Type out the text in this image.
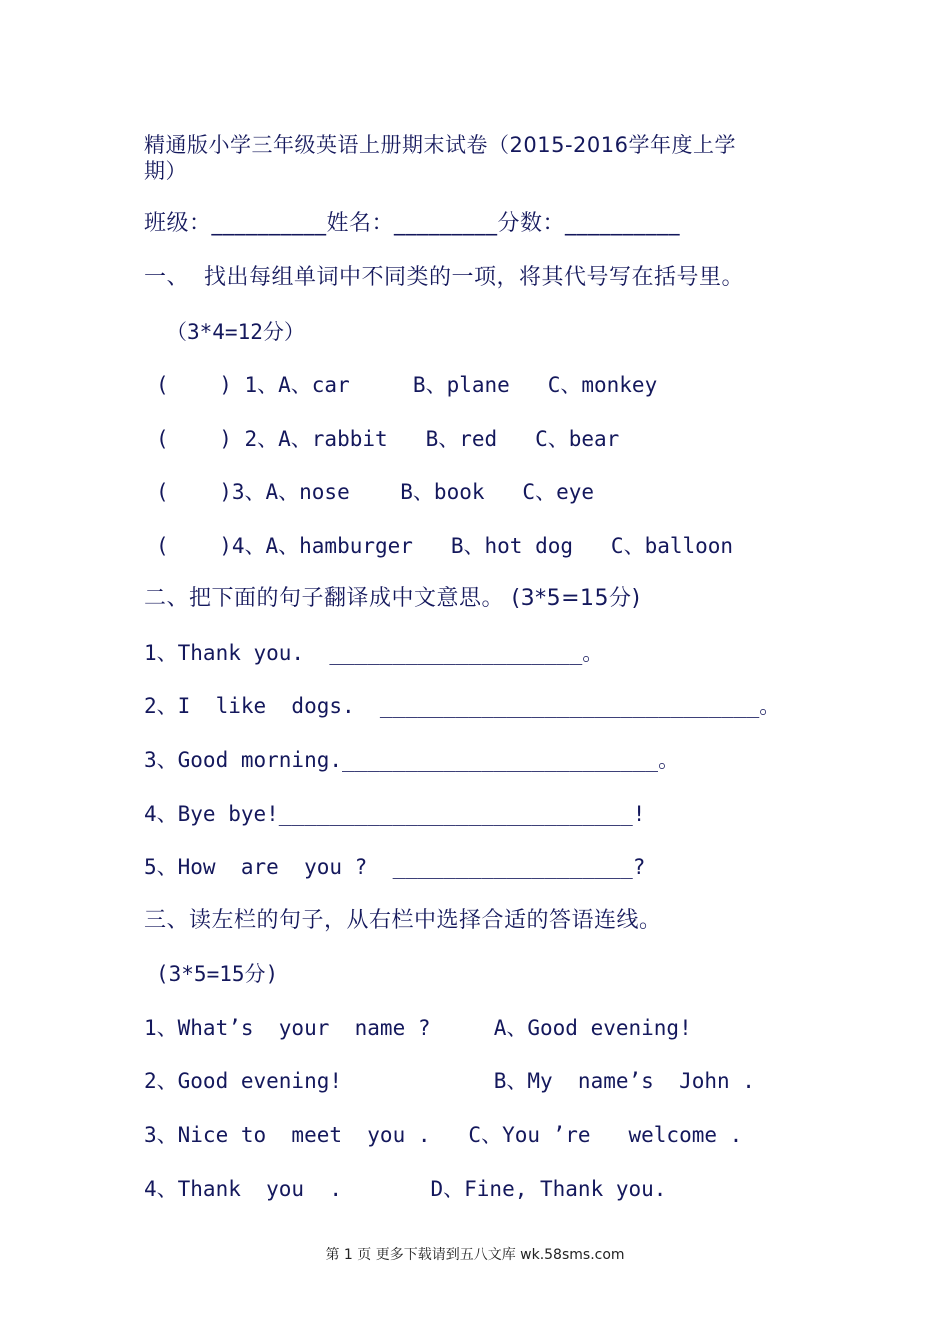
精通版小学三年级英语上册期末试卷（2015-2016学年度上学
期）
班级：__________姓名：_________分数：__________
一、  找出每组单词中不同类的一项，将其代号写在括号里。
（3*4=12分）
(    ) 1、A、car     B、plane   C、monkey
(    ) 2、A、rabbit   B、red   C、bear
(    )3、A、nose    B、book   C、eye
(    )4、A、hamburger   B、hot dog   C、balloon
二、把下面的句子翻译成中文意思。 (3*5=15分)
1、Thank you.  ____________________。
2、I  like  dogs.  ______________________________。
3、Good morning._________________________。
4、Bye bye!____________________________!
5、How  are  you ?  ___________________?
三、读左栏的句子，从右栏中选择合适的答语连线。
(3*5=15分)
1、What’s  your  name ?     A、Good evening!
2、Good evening!            B、My  name’s  John .
3、Nice to  meet  you .   C、You ’re   welcome .
4、Thank  you  .       D、Fine, Thank you.
第 1 页 更多下载请到五八文库 wk.58sms.com
